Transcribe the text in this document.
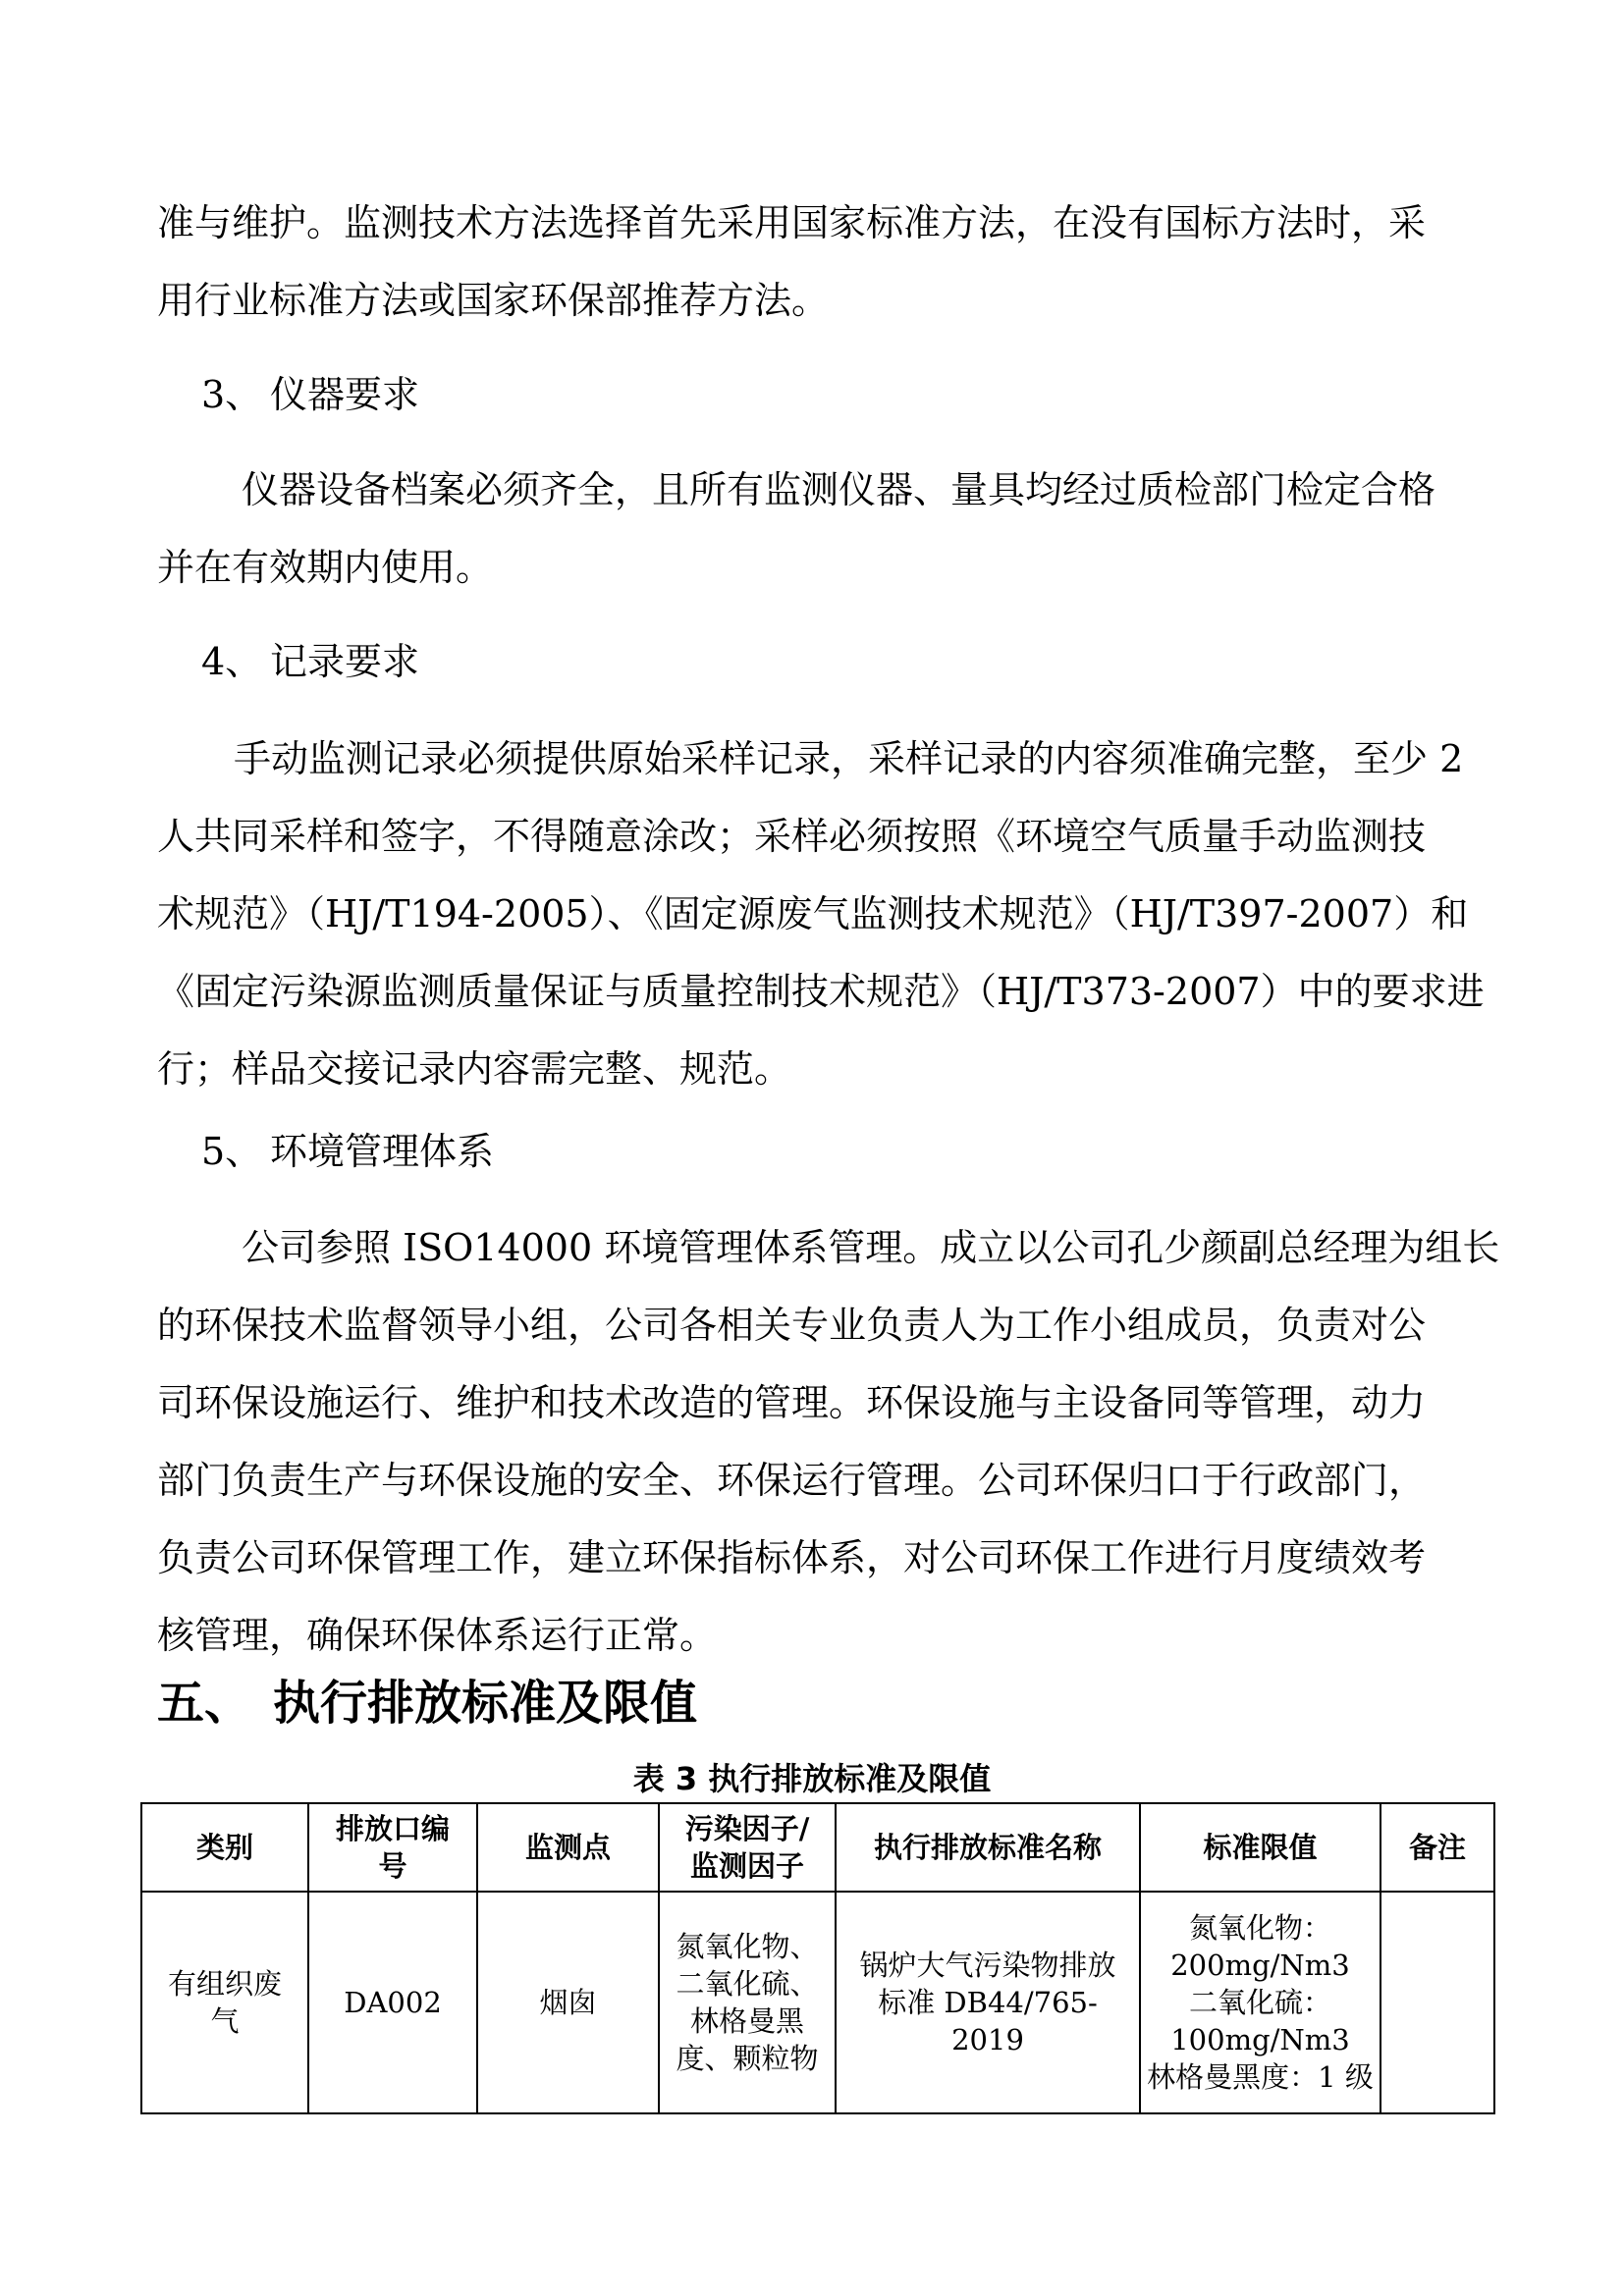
准与维护。监测技术方法选择首先采用国家标准方法，在没有国标方法时，采
用行业标准方法或国家环保部推荐方法。

3、 仪器要求

仪器设备档案必须齐全，且所有监测仪器、量具均经过质检部门检定合格
并在有效期内使用。

4、 记录要求

手动监测记录必须提供原始采样记录，采样记录的内容须准确完整，至少 2
人共同采样和签字，不得随意涂改；采样必须按照《环境空气质量手动监测技
术规范》（HJ/T194-2005）、《固定源废气监测技术规范》（HJ/T397-2007）和
《固定污染源监测质量保证与质量控制技术规范》（HJ/T373-2007）中的要求进
行；样品交接记录内容需完整、规范。

5、 环境管理体系

公司参照 ISO14000 环境管理体系管理。成立以公司孔少颜副总经理为组长
的环保技术监督领导小组，公司各相关专业负责人为工作小组成员，负责对公
司环保设施运行、维护和技术改造的管理。环保设施与主设备同等管理，动力
部门负责生产与环保设施的安全、环保运行管理。公司环保归口于行政部门，
负责公司环保管理工作，建立环保指标体系，对公司环保工作进行月度绩效考
核管理，确保环保体系运行正常。

五、 执行排放标准及限值

表 3 执行排放标准及限值

类别	排放口编
号	监测点	污染因子/
监测因子	执行排放标准名称	标准限值	备注

有组织废
气	DA002	烟囱	氮氧化物、
二氧化硫、
林格曼黑
度、颗粒物	锅炉大气污染物排放
标准 DB44/765-2019	氮氧化物：
200mg/Nm3
二氧化硫：
100mg/Nm3
林格曼黑度：1 级	
